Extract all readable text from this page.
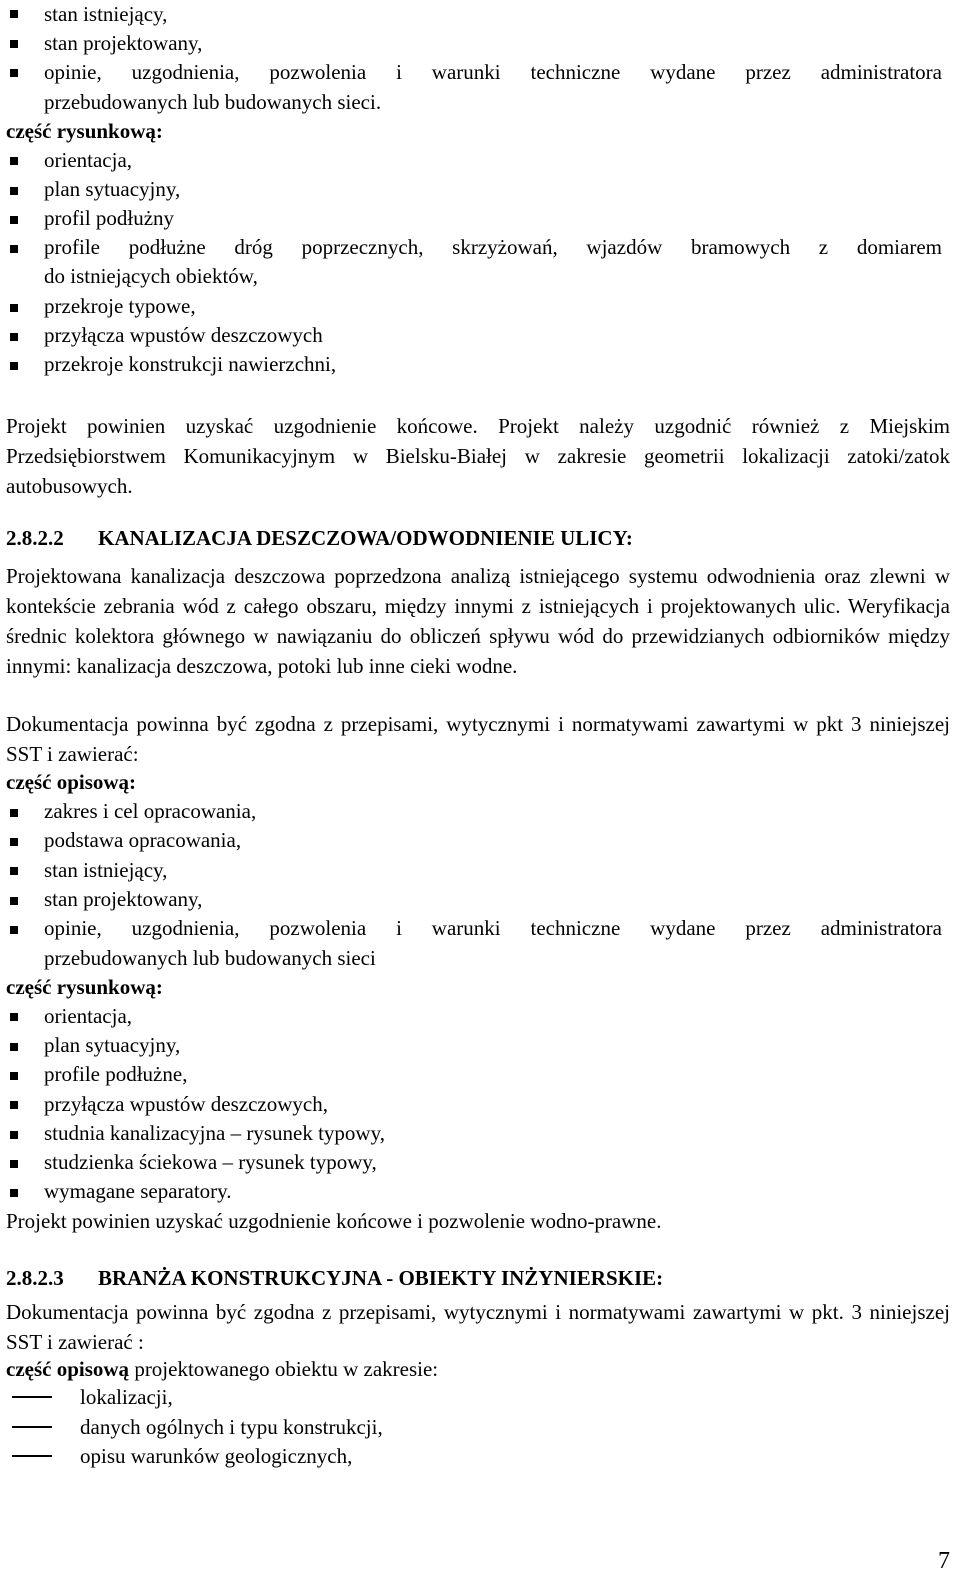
stan istniejący,
stan projektowany,
opinie, uzgodnienia, pozwolenia i warunki techniczne wydane przez administratora
przebudowanych lub budowanych sieci.
część rysunkową:
orientacja,
plan sytuacyjny,
profil podłużny
profile podłużne dróg poprzecznych, skrzyżowań, wjazdów bramowych z domiarem
do istniejących obiektów,
przekroje typowe,
przyłącza wpustów deszczowych
przekroje konstrukcji nawierzchni,
Projekt powinien uzyskać uzgodnienie końcowe. Projekt należy uzgodnić również z Miejskim Przedsiębiorstwem Komunikacyjnym w Bielsku-Białej w zakresie geometrii lokalizacji zatoki/zatok autobusowych.
2.8.2.2 KANALIZACJA DESZCZOWA/ODWODNIENIE ULICY:
Projektowana kanalizacja deszczowa poprzedzona analizą istniejącego systemu odwodnienia oraz zlewni w kontekście zebrania wód z całego obszaru, między innymi z istniejących i projektowanych ulic. Weryfikacja średnic kolektora głównego w nawiązaniu do obliczeń spływu wód do przewidzianych odbiorników między innymi: kanalizacja deszczowa, potoki lub inne cieki wodne.
Dokumentacja powinna być zgodna z przepisami, wytycznymi i normatywami zawartymi w pkt 3 niniejszej SST i zawierać:
część opisową:
zakres i cel opracowania,
podstawa opracowania,
stan istniejący,
stan projektowany,
opinie, uzgodnienia, pozwolenia i warunki techniczne wydane przez administratora
przebudowanych lub budowanych sieci
część rysunkową:
orientacja,
plan sytuacyjny,
profile podłużne,
przyłącza wpustów deszczowych,
studnia kanalizacyjna – rysunek typowy,
studzienka ściekowa – rysunek typowy,
wymagane separatory.
Projekt powinien uzyskać uzgodnienie końcowe i pozwolenie wodno-prawne.
2.8.2.3 BRANŻA KONSTRUKCYJNA - OBIEKTY INŻYNIERSKIE:
Dokumentacja powinna być zgodna z przepisami, wytycznymi i normatywami zawartymi w pkt. 3 niniejszej SST i zawierać :
część opisową projektowanego obiektu w zakresie:
lokalizacji,
danych ogólnych i typu konstrukcji,
opisu warunków geologicznych,
7
